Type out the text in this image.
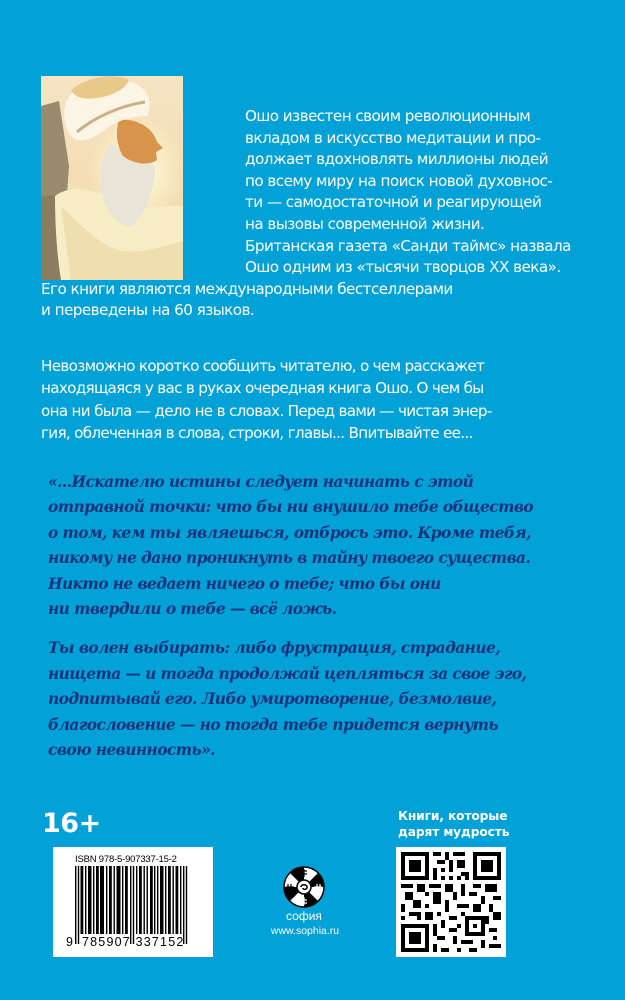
Ошо известен своим революционным
вкладом в искусство медитации и про-
должает вдохновлять миллионы людей
по всему миру на поиск новой духовнос-
ти — самодостаточной и реагирующей
на вызовы современной жизни.
Британская газета «Санди таймс» назвала
Ошо одним из «тысячи творцов XX века».
Его книги являются международными бестселлерами
и переведены на 60 языков.
Невозможно коротко сообщить читателю, о чем расскажет
находящаяся у вас в руках очередная книга Ошо. О чем бы
она ни была — дело не в словах. Перед вами — чистая энер-
гия, облеченная в слова, строки, главы... Впитывайте ее...
«...Искателю истины следует начинать с этой
отправной точки: что бы ни внушило тебе общество
о том, кем ты являешься, отбрось это. Кроме тебя,
никому не дано проникнуть в тайну твоего существа.
Никто не ведает ничего о тебе; что бы они
ни твердили о тебе — всё ложь.
Ты волен выбирать: либо фрустрация, страдание,
нищета — и тогда продолжай цепляться за свое эго,
подпитывай его. Либо умиротворение, безмолвие,
благословение — но тогда тебе придется вернуть
свою невинность».
16+
ISBN 978-5-907337-15-2
9 785907 337152
софия
www.sophia.ru
Книги, которые
дарят мудрость
